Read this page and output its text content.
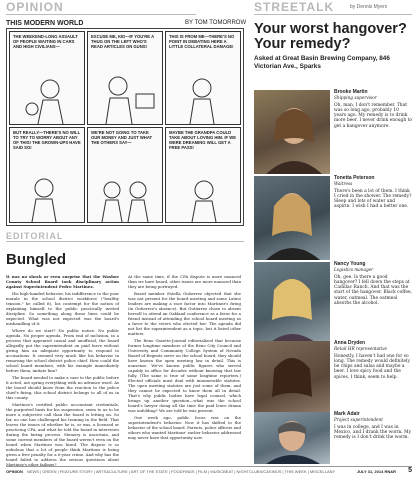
OPINION	STREETALK	by Dennis Myers
THIS MODERN WORLD	BY TOM TOMORROW
THE WEEKEND-LONG ASSAULT OF PEOPLE WAITING IN CARS AND HIGH CIVILIANS—
EXCUSE ME, KID—IF YOU'RE A THUG ON THE LEFT WHO'S READ ARTICLES ON GUNS!
THIS IS FROM ME—THERE'S NO POINT IN DEBATING HERE A LITTLE COLLATERAL DAMAGE!
BUT REALLY—THERE'S NO WILL TO TRY TO WORRY ABOUT ANY OF THIS! THE GROWN-UPS HAVE SAID SO!
WE'RE NOT GOING TO TAKE OUR MONEY AND JUST WHAT THE OTHERS SAY—
MAYBE THE GRANDPA COULD TAKE ABOUT LOVING HIM. IF WE WERE DREAMING WILL GET A FREE PASS!
Your worst hangover? Your remedy?
Asked at Great Basin Brewing Company, 846 Victorian Ave., Sparks
Brooke Martin
Shipping supervisor
Oh, man, I don't remember. That was so long ago, probably 10 years ago. My remedy is to drink more beer. I never drink enough to get a hangover anymore.
Tonetta Peterson
Waitress
There's been a lot of them. I think I cried in the shower. The remedy? Sleep and lots of water and aspirin. I wish I had a better one.
Nancy Young
Logistics manager
Oh, gee. Is there a good hangover? I fell down the steps at Cadillac Ranch. And that was the start of the hangover. Black coffee, water, oatmeal. The oatmeal absorbs the alcohol.
Anna Dryden
Retail HR representative
Honestly, I haven't had one for so long. The remedy would definitely be chips and salsa and maybe a beer. I love spicy food and the spices, I think, seem to help.
Mark Adair
Project superintendent
I was in college, and I was in Mexico, and I drank the worm. My remedy is I don't drink the worm.
EDITORIAL
Bungled

It was no shock or even surprise that the Washoe County School Board took disciplinary action against Superintendent Pedro Martinez.

His high-handed behavior, his indifference to the poor morale in the school district workforce ("healthy tension," he called it), his contempt for the notion of explaining himself to the public practically invited discipline. So something along these lines could be expected. What was not expected was the board's mishandling of it.

Where do we start? No public notice. No public agenda. No proper agenda. From end of inclusion, in a process that appeared casual and unofficial, the board allegedly put the superintendent on paid leave without giving him an adequate opportunity to respond to accusations. It seemed very much like his behavior in removing the school district police chief. How could the school board members, with his example immediately before them, imitate him?

The board needed to make a case to the public before it acted, not spring everything with no advance word. As the board should know from the reaction to the police chief's firing, this school district belongs to all of us in this county.

Martinez's certified public accountant credentials, the purported basis for his suspension, seem to us to be more a subjective call than the board is letting on. So far, no one has challenged his training in the field. That leaves the issues of whether he is, or was, a licensed or practicing CPA, and what he told the board in interviews during the hiring process. Memory is uncertain, and some current members of the board weren't even on the board when Martinez was hired. The dispute is so nebulous that a lot of people think Martinez is being given a free penalty for a 6-year crime. And why has the board failed to address the serious questions about Martinez's other failings?

At the same time, if the CPA dispute is more nuanced than we have heard, other issues are more nuanced than they are being portrayed.

Board member Estella Gutierrez objected that she was not present for the board meeting and some Latino leaders are making a race factor into Martinez's firing (in Gutierrez's absence). But Gutierrez chose to absent herself to attend an Oakland conference as a favor for a friend instead of attending the school board meeting as a favor to the voters who elected her. The agenda did not list the superintendent as a topic, but it listed other matters.

The Reno Gazette-Journal editorialized that because former longtime members of the Reno City Council and University and Community College System of Nevada Board of Regents serve on the school board, they should have known the open meeting law in detail. This is nonsense. We've known public figures who served capably in office for decades without knowing that law fully. (The same is true of some longtime reporters.) Elected officials must deal with innumerable statutes. The open meeting statutes are just some of them, and they cannot be expected to know them all in detail. That's why public bodies have legal counsel, which brings up another question—what was the school board's lawyer doing all the time the paid leave drama was unfolding? We are told he was present.

One week ago, public focus was on the superintendent's behavior. Now it has shifted to the behavior of the school board. Parents, police officers and others who wanted Martinez' earlier behavior addressed may never have that opportunity now.

OPINION NEWS | GREEN | FEATURE STORY | ARTS&CULTURE | ART OF THE STATE | FOODFINDS | FILM | MUSICBEAT | NIGHTCLUBS/CASINOS | THIS WEEK | MISCELLANY	JULY 31, 2014 RN&R 5
